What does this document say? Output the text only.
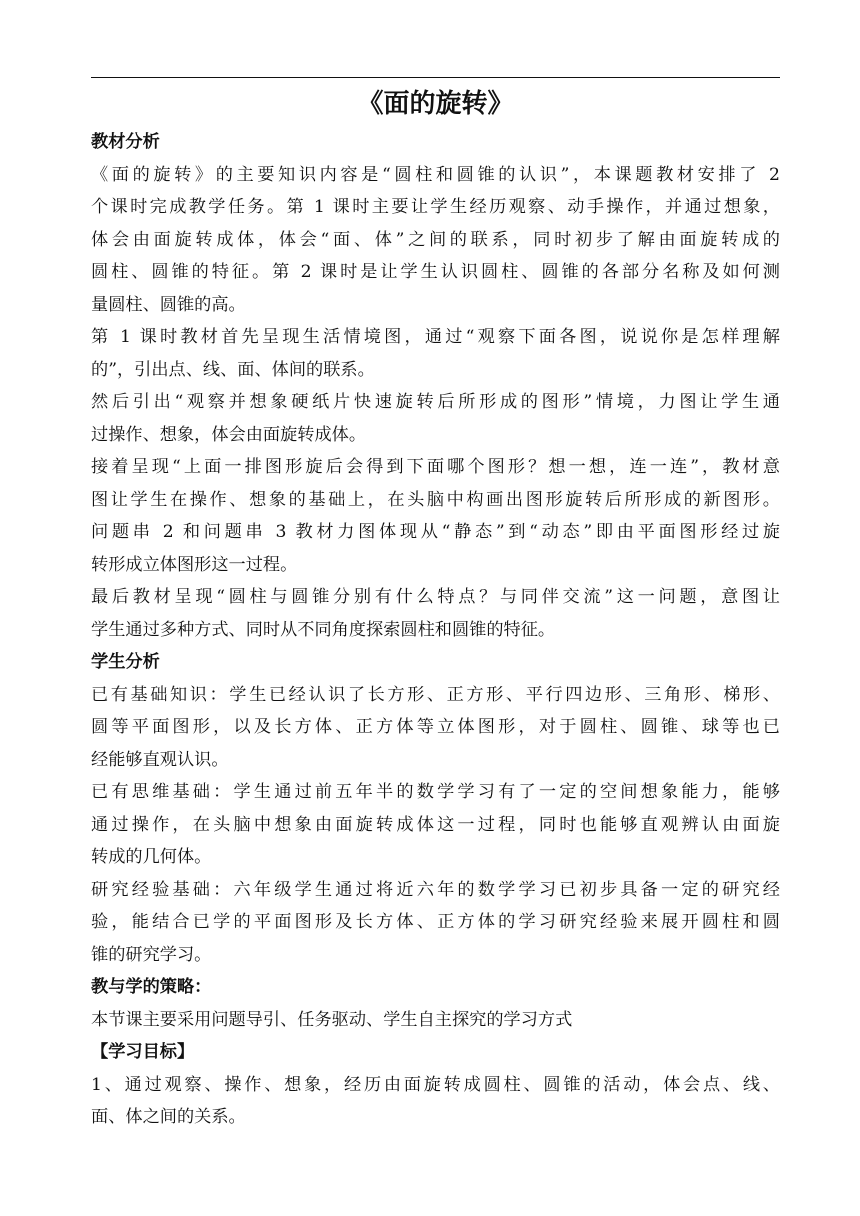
《面的旋转》
教材分析
《面的旋转》的主要知识内容是“圆柱和圆锥的认识”，本课题教材安排了 2
个课时完成教学任务。第 1 课时主要让学生经历观察、动手操作，并通过想象，
体会由面旋转成体，体会“面、体”之间的联系，同时初步了解由面旋转成的
圆柱、圆锥的特征。第 2 课时是让学生认识圆柱、圆锥的各部分名称及如何测
量圆柱、圆锥的高。
第 1 课时教材首先呈现生活情境图，通过“观察下面各图，说说你是怎样理解
的”，引出点、线、面、体间的联系。
然后引出“观察并想象硬纸片快速旋转后所形成的图形”情境，力图让学生通
过操作、想象，体会由面旋转成体。
接着呈现“上面一排图形旋后会得到下面哪个图形？想一想，连一连”，教材意
图让学生在操作、想象的基础上，在头脑中构画出图形旋转后所形成的新图形。
问题串 2 和问题串 3 教材力图体现从“静态”到“动态”即由平面图形经过旋
转形成立体图形这一过程。
最后教材呈现“圆柱与圆锥分别有什么特点？与同伴交流”这一问题，意图让
学生通过多种方式、同时从不同角度探索圆柱和圆锥的特征。
学生分析
已有基础知识：学生已经认识了长方形、正方形、平行四边形、三角形、梯形、
圆等平面图形，以及长方体、正方体等立体图形，对于圆柱、圆锥、球等也已
经能够直观认识。
已有思维基础：学生通过前五年半的数学学习有了一定的空间想象能力，能够
通过操作，在头脑中想象由面旋转成体这一过程，同时也能够直观辨认由面旋
转成的几何体。
研究经验基础：六年级学生通过将近六年的数学学习已初步具备一定的研究经
验，能结合已学的平面图形及长方体、正方体的学习研究经验来展开圆柱和圆
锥的研究学习。
教与学的策略：
本节课主要采用问题导引、任务驱动、学生自主探究的学习方式
【学习目标】
1、通过观察、操作、想象，经历由面旋转成圆柱、圆锥的活动，体会点、线、
面、体之间的关系。
